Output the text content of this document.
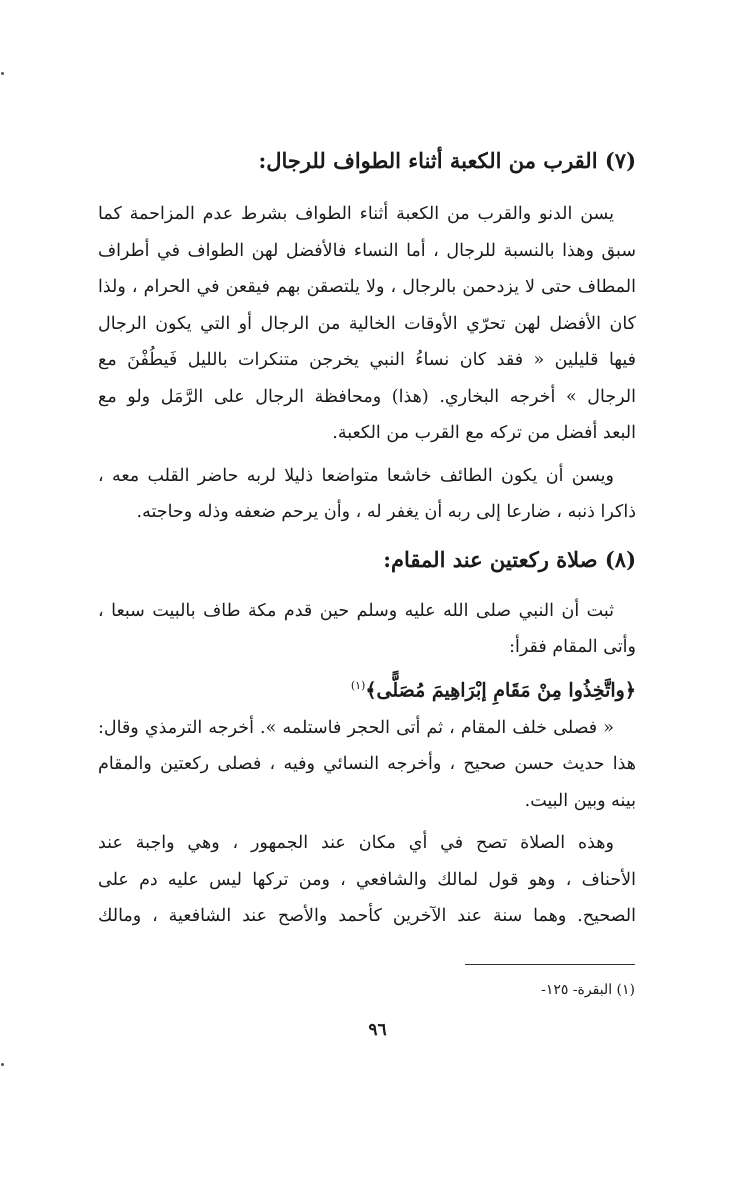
(٧) القرب من الكعبة أثناء الطواف للرجال:
يسن الدنو والقرب من الكعبة أثناء الطواف بشرط عدم المزاحمة كما
سبق وهذا بالنسبة للرجال ، أما النساء فالأفضل لهن الطواف في أطراف
المطاف حتى لا يزدحمن بالرجال ، ولا يلتصقن بهم فيقعن في الحرام ، ولذا
كان الأفضل لهن تحرّي الأوقات الخالية من الرجال أو التي يكون الرجال
فيها قليلين « فقد كان نساءُ النبي يخرجن متنكرات بالليل فَيطُفْنَ مع
الرجال » أخرجه البخاري. (هذا) ومحافظة الرجال على الرَّمَل ولو مع
البعد أفضل من تركه مع القرب من الكعبة.
ويسن أن يكون الطائف خاشعا متواضعا ذليلا لربه حاضر القلب معه ،
ذاكرا ذنبه ، ضارعا إلى ربه أن يغفر له ، وأن يرحم ضعفه وذله وحاجته.
(٨) صلاة ركعتين عند المقام:
ثبت أن النبي صلى الله عليه وسلم حين قدم مكة طاف بالبيت سبعا ،
وأتى المقام فقرأ:
﴿واتَّخِذُوا مِنْ مَقَامِ إبْرَاهِيمَ مُصَلًّى﴾$^{(١)}$
« فصلى خلف المقام ، ثم أتى الحجر فاستلمه ». أخرجه الترمذي وقال:
هذا حديث حسن صحيح ، وأخرجه النسائي وفيه ، فصلى ركعتين والمقام
بينه وبين البيت.
وهذه الصلاة تصح في أي مكان عند الجمهور ، وهي واجبة عند
الأحناف ، وهو قول لمالك والشافعي ، ومن تركها ليس عليه دم على
الصحيح. وهما سنة عند الآخرين كأحمد والأصح عند الشافعية ، ومالك
(١) البقرة- ١٢٥-
٩٦
